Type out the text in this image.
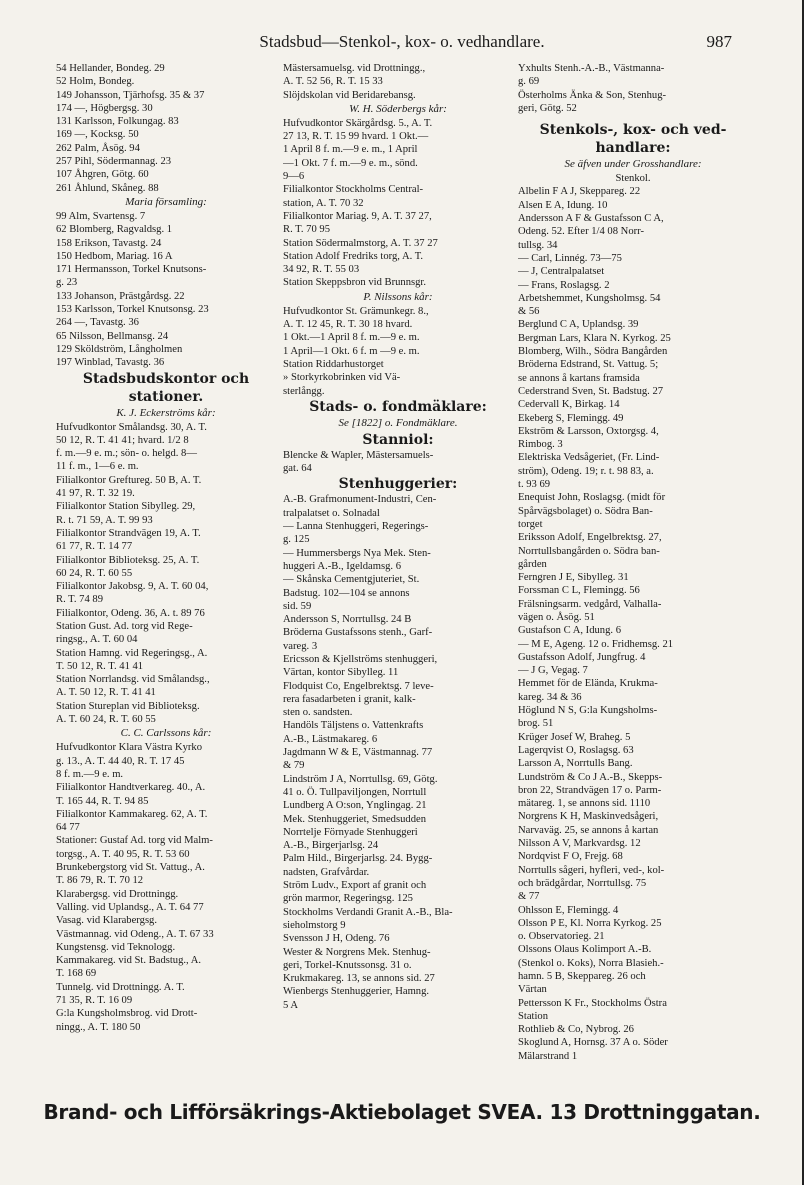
Stadsbud—Stenkol-, kox- o. vedhandlare.	987
54 Hellander, Bondeg. 29
52 Holm, Bondeg.
149 Johansson, Tjärhofsg. 35 & 37
174 —, Högbergsg. 30
131 Karlsson, Folkungag. 83
169 —, Kocksg. 50
262 Palm, Åsög. 94
257 Pihl, Södermannag. 23
107 Åhgren, Götg. 60
261 Åhlund, Skåneg. 88
Maria församling:
99 Alm, Svartensg. 7
62 Blomberg, Ragvaldsg. 1
158 Erikson, Tavastg. 24
150 Hedbom, Mariag. 16 A
171 Hermansson, Torkel Knutsons-
g. 23
133 Johanson, Prästgårdsg. 22
153 Karlsson, Torkel Knutsonsg. 23
264 —, Tavastg. 36
65 Nilsson, Bellmansg. 24
129 Sköldström, Långholmen
197 Winblad, Tavastg. 36
Stadsbudskontor och
stationer.
K. J. Eckerströms kår:
Hufvudkontor Smålandsg. 30, A. T.
50 12, R. T. 41 41; hvard. 1/2 8
f. m.—9 e. m.; sön- o. helgd. 8—
11 f. m., 1—6 e. m.
Filialkontor Greftureg. 50 B, A. T.
41 97, R. T. 32 19.
Filialkontor Station Sibylleg. 29,
R. t. 71 59, A. T. 99 93
Filialkontor Strandvägen 19, A. T.
61 77, R. T. 14 77
Filialkontor Biblioteksg. 25, A. T.
60 24, R. T. 60 55
Filialkontor Jakobsg. 9, A. T. 60 04,
R. T. 74 89
Filialkontor, Odeng. 36, A. t. 89 76
Station Gust. Ad. torg vid Rege-
ringsg., A. T. 60 04
Station Hamng. vid Regeringsg., A.
T. 50 12, R. T. 41 41
Station Norrlandsg. vid Smålandsg.,
A. T. 50 12, R. T. 41 41
Station Stureplan vid Biblioteksg.
A. T. 60 24, R. T. 60 55
C. C. Carlssons kår:
Hufvudkontor Klara Västra Kyrko
g. 13., A. T. 44 40, R. T. 17 45
8 f. m.—9 e. m.
Filialkontor Handtverkareg. 40., A.
T. 165 44, R. T. 94 85
Filialkontor Kammakareg. 62, A. T.
64 77
Stationer: Gustaf Ad. torg vid Malm-
torgsg., A. T. 40 95, R. T. 53 60
Brunkebergstorg vid St. Vattug., A.
T. 86 79, R. T. 70 12
Klarabergsg. vid Drottningg.
Valling. vid Uplandsg., A. T. 64 77
Vasag. vid Klarabergsg.
Västmannag. vid Odeng., A. T. 67 33
Kungstensg. vid Teknologg.
Kammakareg. vid St. Badstug., A.
T. 168 69
Tunnelg. vid Drottningg. A. T.
71 35, R. T. 16 09
G:la Kungsholmsbrog. vid Drott-
ningg., A. T. 180 50
Mästersamuelsg. vid Drottningg.,
A. T. 52 56, R. T. 15 33
Slöjdskolan vid Beridarebansg.
W. H. Söderbergs kår:
Hufvudkontor Skärgårdsg. 5., A. T.
27 13, R. T. 15 99 hvard. 1 Okt.—
1 April 8 f. m.—9 e. m., 1 April
—1 Okt. 7 f. m.—9 e. m., sönd.
9—6
Filialkontor Stockholms Central-
station, A. T. 70 32
Filialkontor Mariag. 9, A. T. 37 27,
R. T. 70 95
Station Södermalmstorg, A. T. 37 27
Station Adolf Fredriks torg, A. T.
34 92, R. T. 55 03
Station Skeppsbron vid Brunnsgr.
P. Nilssons kår:
Hufvudkontor St. Grämunkegr. 8.,
A. T. 12 45, R. T. 30 18 hvard.
1 Okt.—1 April 8 f. m.—9 e. m.
1 April—1 Okt. 6 f. m —9 e. m.
Station Riddarhustorget
» Storkyrkobrinken vid Vä-
sterlångg.
Stads- o. fondmäklare:
Se [1822] o. Fondmäklare.
Stanniol:
Blencke & Wapler, Mästersamuels-
gat. 64
Stenhuggerier:
A.-B. Grafmonument-Industri, Cen-
tralpalatset o. Solnadal
— Lanna Stenhuggeri, Regerings-
g. 125
— Hummersbergs Nya Mek. Sten-
huggeri A.-B., Igeldamsg. 6
— Skånska Cementgjuteriet, St.
Badstug. 102—104 se annons
sid. 59
Andersson S, Norrtullsg. 24 B
Bröderna Gustafssons stenh., Garf-
vareg. 3
Ericsson & Kjellströms stenhuggeri,
Värtan, kontor Sibylleg. 11
Flodquist Co, Engelbrektsg. 7 leve-
rera fasadarbeten i granit, kalk-
sten o. sandsten.
Handöls Täljstens o. Vattenkrafts
A.-B., Lästmakareg. 6
Jagdmann W & E, Västmannag. 77
& 79
Lindström J A, Norrtullsg. 69, Götg.
41 o. Ö. Tullpaviljongen, Norrtull
Lundberg A O:son, Ynglingag. 21
Mek. Stenhuggeriet, Smedsudden
Norrtelje Förnyade Stenhuggeri
A.-B., Birgerjarlsg. 24
Palm Hild., Birgerjarlsg. 24. Bygg-
nadsten, Grafvårdar.
Ström Ludv., Export af granit och
grön marmor, Regeringsg. 125
Stockholms Verdandi Granit A.-B., Bla-
sieholmstorg 9
Svensson J H, Odeng. 76
Wester & Norgrens Mek. Stenhug-
geri, Torkel-Knutssonsg. 31 o.
Krukmakareg. 13, se annons sid. 27
Wienbergs Stenhuggerier, Hamng.
5 A
Yxhults Stenh.-A.-B., Västmanna-
g. 69
Österholms Änka & Son, Stenhug-
geri, Götg. 52
Stenkols-, kox- och ved-
handlare:
Se äfven under Grosshandlare:
Stenkol.
Albelin F A J, Skeppareg. 22
Alsen E A, Idung. 10
Andersson A F & Gustafsson C A,
Odeng. 52. Efter 1/4 08 Norr-
tullsg. 34
— Carl, Linnég. 73—75
— J, Centralpalatset
— Frans, Roslagsg. 2
Arbetshemmet, Kungsholmsg. 54
& 56
Berglund C A, Uplandsg. 39
Bergman Lars, Klara N. Kyrkog. 25
Blomberg, Wilh., Södra Bangården
Bröderna Edstrand, St. Vattug. 5;
se annons å kartans framsida
Cederstrand Sven, St. Badstug. 27
Cedervall K, Birkag. 14
Ekeberg S, Flemingg. 49
Ekström & Larsson, Oxtorgsg. 4,
Rimbog. 3
Elektriska Vedsågeriet, (Fr. Lind-
ström), Odeng. 19; r. t. 98 83, a.
t. 93 69
Enequist John, Roslagsg. (midt för
Spårvägsbolaget) o. Södra Ban-
torget
Eriksson Adolf, Engelbrektsg. 27,
Norrtullsbangården o. Södra ban-
gården
Ferngren J E, Sibylleg. 31
Forssman C L, Flemingg. 56
Frälsningsarm. vedgård, Valhalla-
vägen o. Åsög. 51
Gustafson C A, Idung. 6
— M E, Ageng. 12 o. Fridhemsg. 21
Gustafsson Adolf, Jungfrug. 4
— J G, Vegag. 7
Hemmet för de Elända, Krukma-
kareg. 34 & 36
Höglund N S, G:la Kungsholms-
brog. 51
Krüger Josef W, Braheg. 5
Lagerqvist O, Roslagsg. 63
Larsson A, Norrtulls Bang.
Lundström & Co J A.-B., Skepps-
bron 22, Strandvägen 17 o. Parm-
mätareg. 1, se annons sid. 1110
Norgrens K H, Maskinvedsågeri,
Narvaväg. 25, se annons å kartan
Nilsson A V, Markvardsg. 12
Nordqvist F O, Frejg. 68
Norrtulls sågeri, hyfleri, ved-, kol-
och brädgårdar, Norrtullsg. 75
& 77
Ohlsson E, Flemingg. 4
Olsson P E, Kl. Norra Kyrkog. 25
o. Observatorieg. 21
Olssons Olaus Kolimport A.-B.
(Stenkol o. Koks), Norra Blasieh.-
hamn. 5 B, Skeppareg. 26 och
Värtan
Pettersson K Fr., Stockholms Östra
Station
Rothlieb & Co, Nybrog. 26
Skoglund A, Hornsg. 37 A o. Söder
Mälarstrand 1
Brand- och Lifförsäkrings-Aktiebolaget SVEA. 13 Drottninggatan.
